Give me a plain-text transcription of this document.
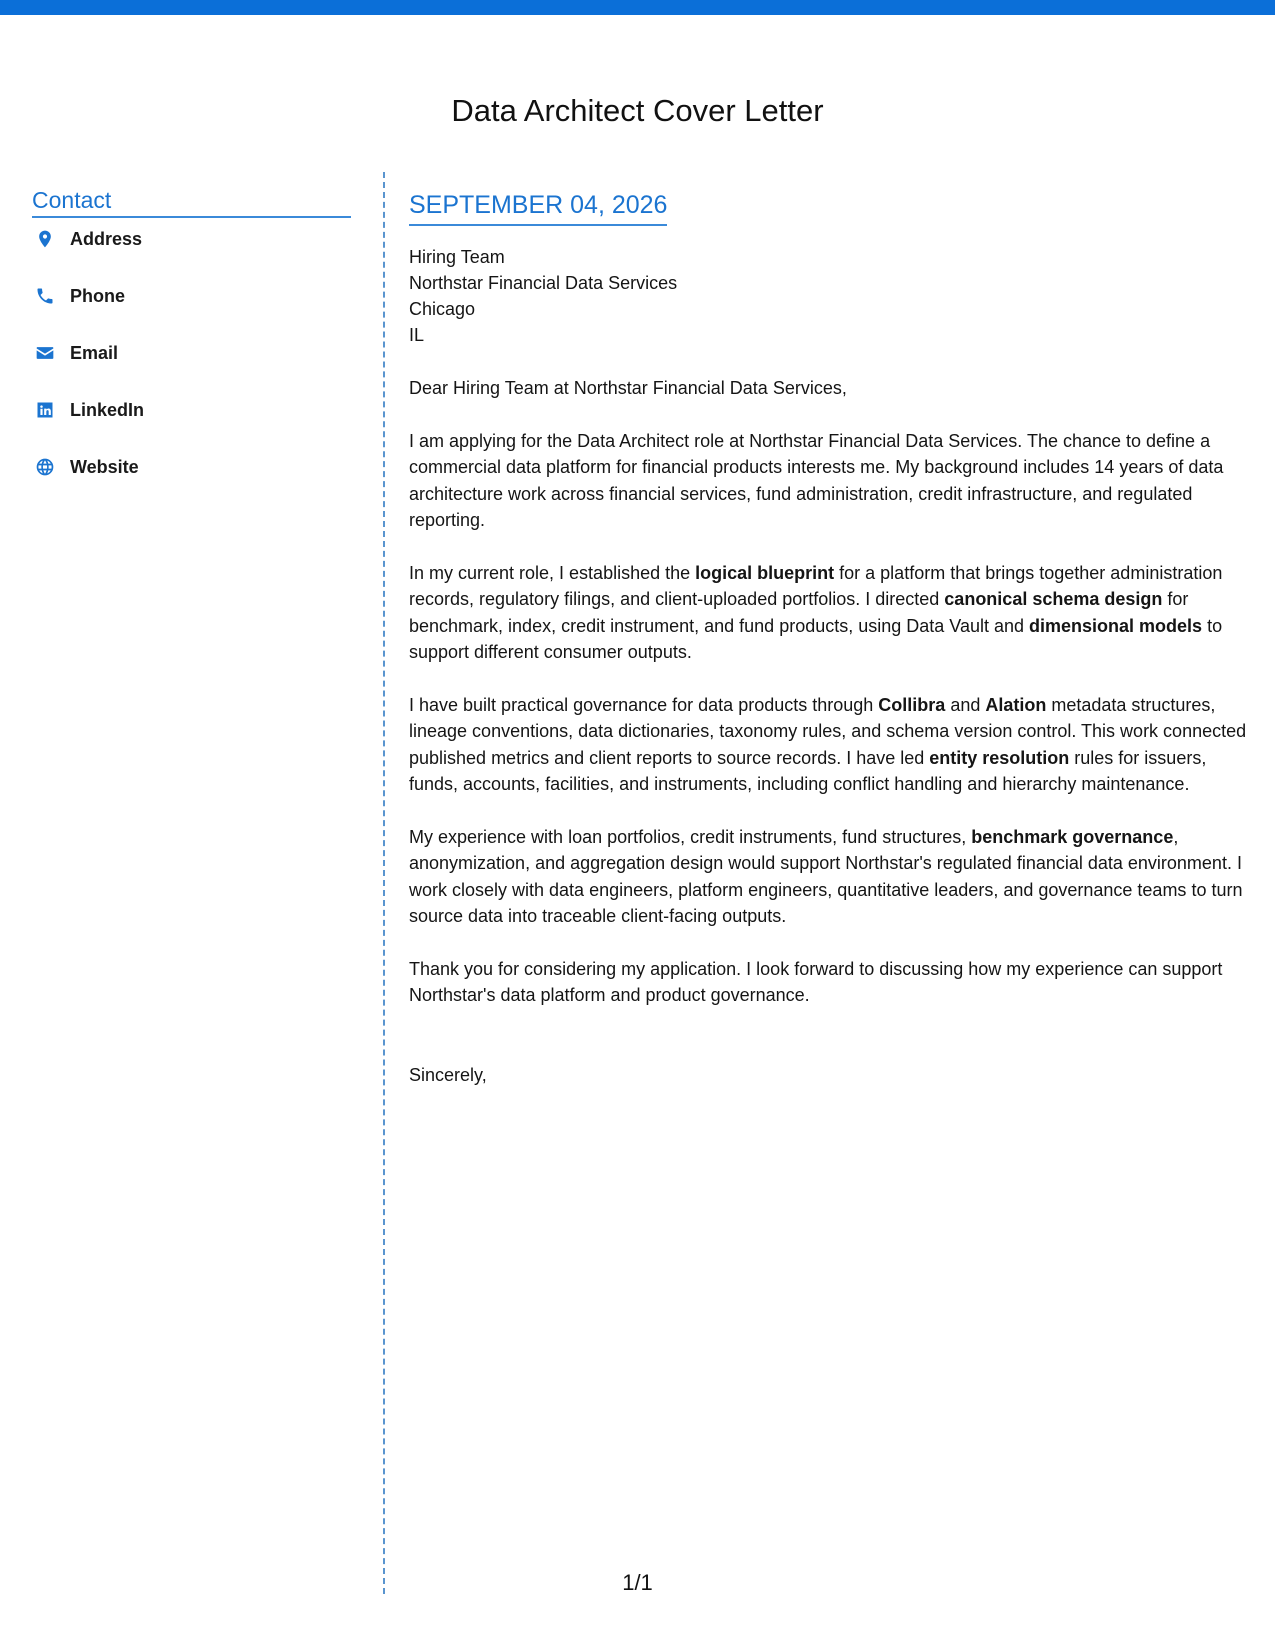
Data Architect Cover Letter
Contact
Address
Phone
Email
LinkedIn
Website
SEPTEMBER 04, 2026
Hiring Team
Northstar Financial Data Services
Chicago
IL
Dear Hiring Team at Northstar Financial Data Services,
I am applying for the Data Architect role at Northstar Financial Data Services. The chance to define a commercial data platform for financial products interests me. My background includes 14 years of data architecture work across financial services, fund administration, credit infrastructure, and regulated reporting.
In my current role, I established the logical blueprint for a platform that brings together administration records, regulatory filings, and client-uploaded portfolios. I directed canonical schema design for benchmark, index, credit instrument, and fund products, using Data Vault and dimensional models to support different consumer outputs.
I have built practical governance for data products through Collibra and Alation metadata structures, lineage conventions, data dictionaries, taxonomy rules, and schema version control. This work connected published metrics and client reports to source records. I have led entity resolution rules for issuers, funds, accounts, facilities, and instruments, including conflict handling and hierarchy maintenance.
My experience with loan portfolios, credit instruments, fund structures, benchmark governance, anonymization, and aggregation design would support Northstar's regulated financial data environment. I work closely with data engineers, platform engineers, quantitative leaders, and governance teams to turn source data into traceable client-facing outputs.
Thank you for considering my application. I look forward to discussing how my experience can support Northstar's data platform and product governance.
Sincerely,
1/1
